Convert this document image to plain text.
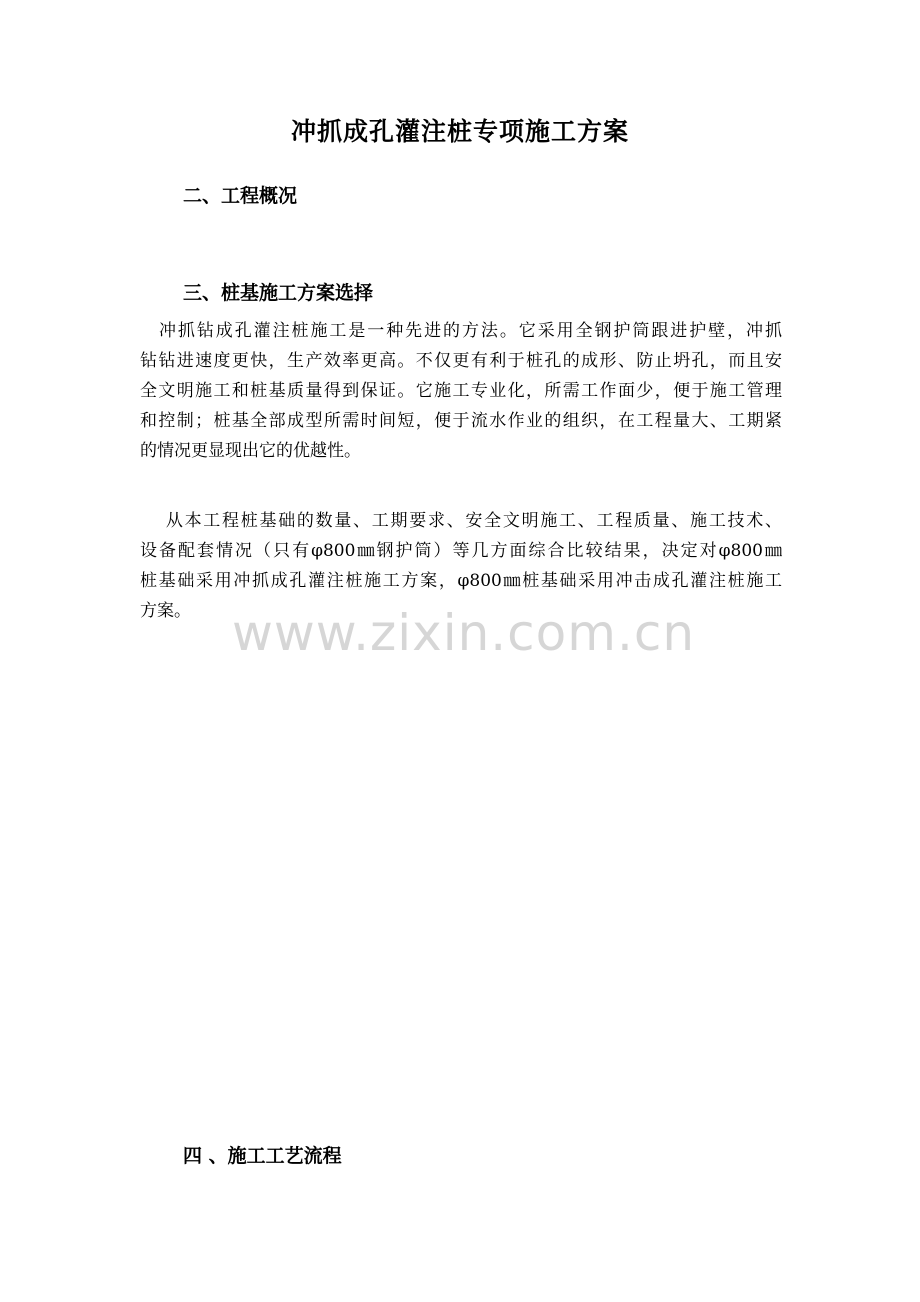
冲抓成孔灌注桩专项施工方案
二、工程概况
三、桩基施工方案选择

　冲抓钻成孔灌注桩施工是一种先进的方法。它采用全钢护筒跟进护壁，冲抓
钻钻进速度更快，生产效率更高。不仅更有利于桩孔的成形、防止坍孔，而且安
全文明施工和桩基质量得到保证。它施工专业化，所需工作面少，便于施工管理
和控制；桩基全部成型所需时间短，便于流水作业的组织，在工程量大、工期紧
的情况更显现出它的优越性。

　 从本工程桩基础的数量、工期要求、安全文明施工、工程质量、施工技术、
设备配套情况（只有φ800㎜钢护筒）等几方面综合比较结果，决定对φ800㎜
桩基础采用冲抓成孔灌注桩施工方案，φ800㎜桩基础采用冲击成孔灌注桩施工
方案。 www.zixin.com.cn
四 、施工工艺流程
